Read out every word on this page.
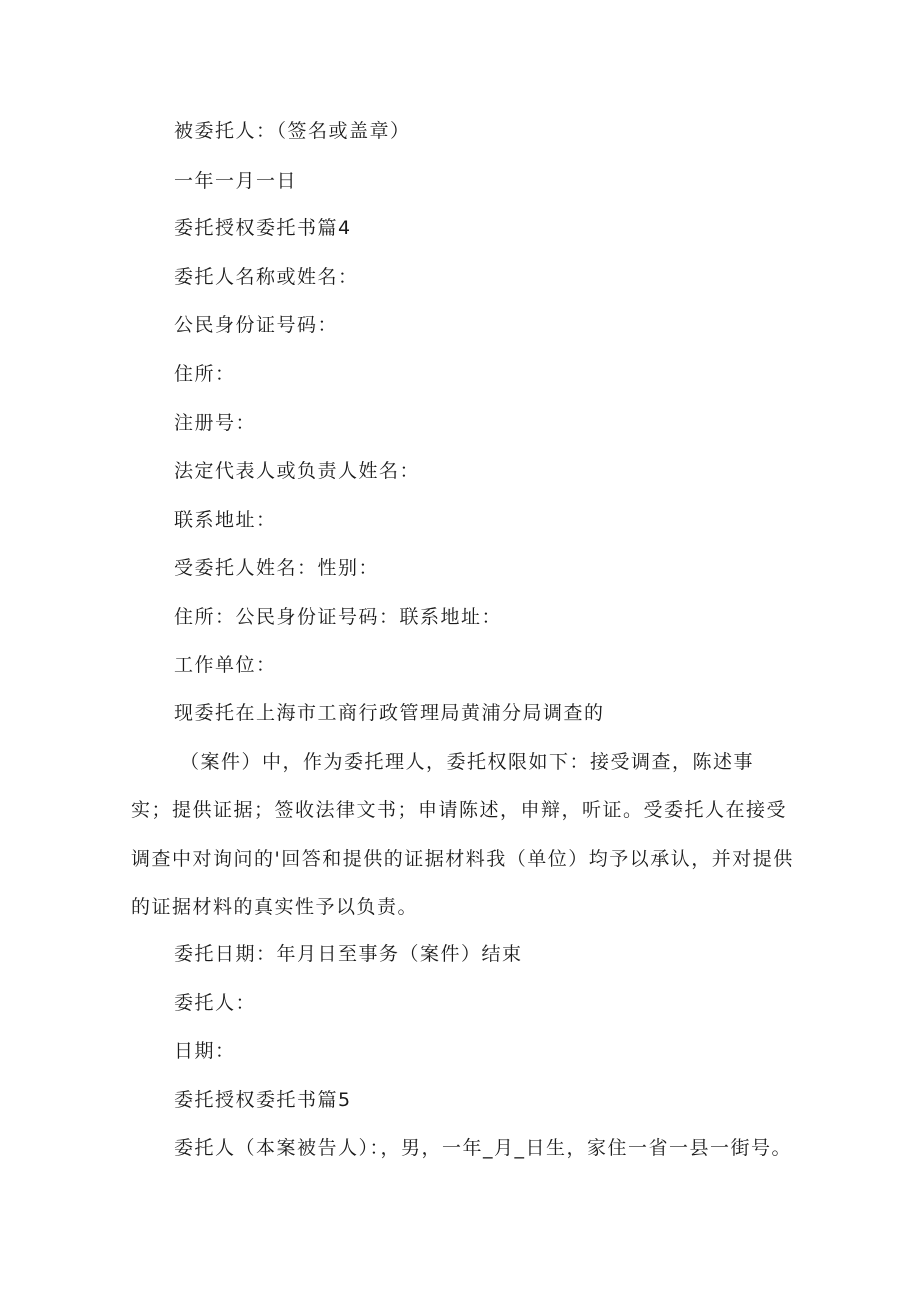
被委托人：（签名或盖章）
一年一月一日
委托授权委托书篇4
委托人名称或姓名：
公民身份证号码：
住所：
注册号：
法定代表人或负责人姓名：
联系地址：
受委托人姓名：性别：
住所：公民身份证号码：联系地址：
工作单位：
现委托在上海市工商行政管理局黄浦分局调查的
（案件）中，作为委托理人，委托权限如下：接受调查，陈述事
实；提供证据；签收法律文书；申请陈述，申辩，听证。受委托人在接受
调查中对询问的'回答和提供的证据材料我（单位）均予以承认，并对提供
的证据材料的真实性予以负责。
委托日期：年月日至事务（案件）结束
委托人：
日期：
委托授权委托书篇5
委托人（本案被告人）：，男，一年_月_日生，家住一省一县一街号。
